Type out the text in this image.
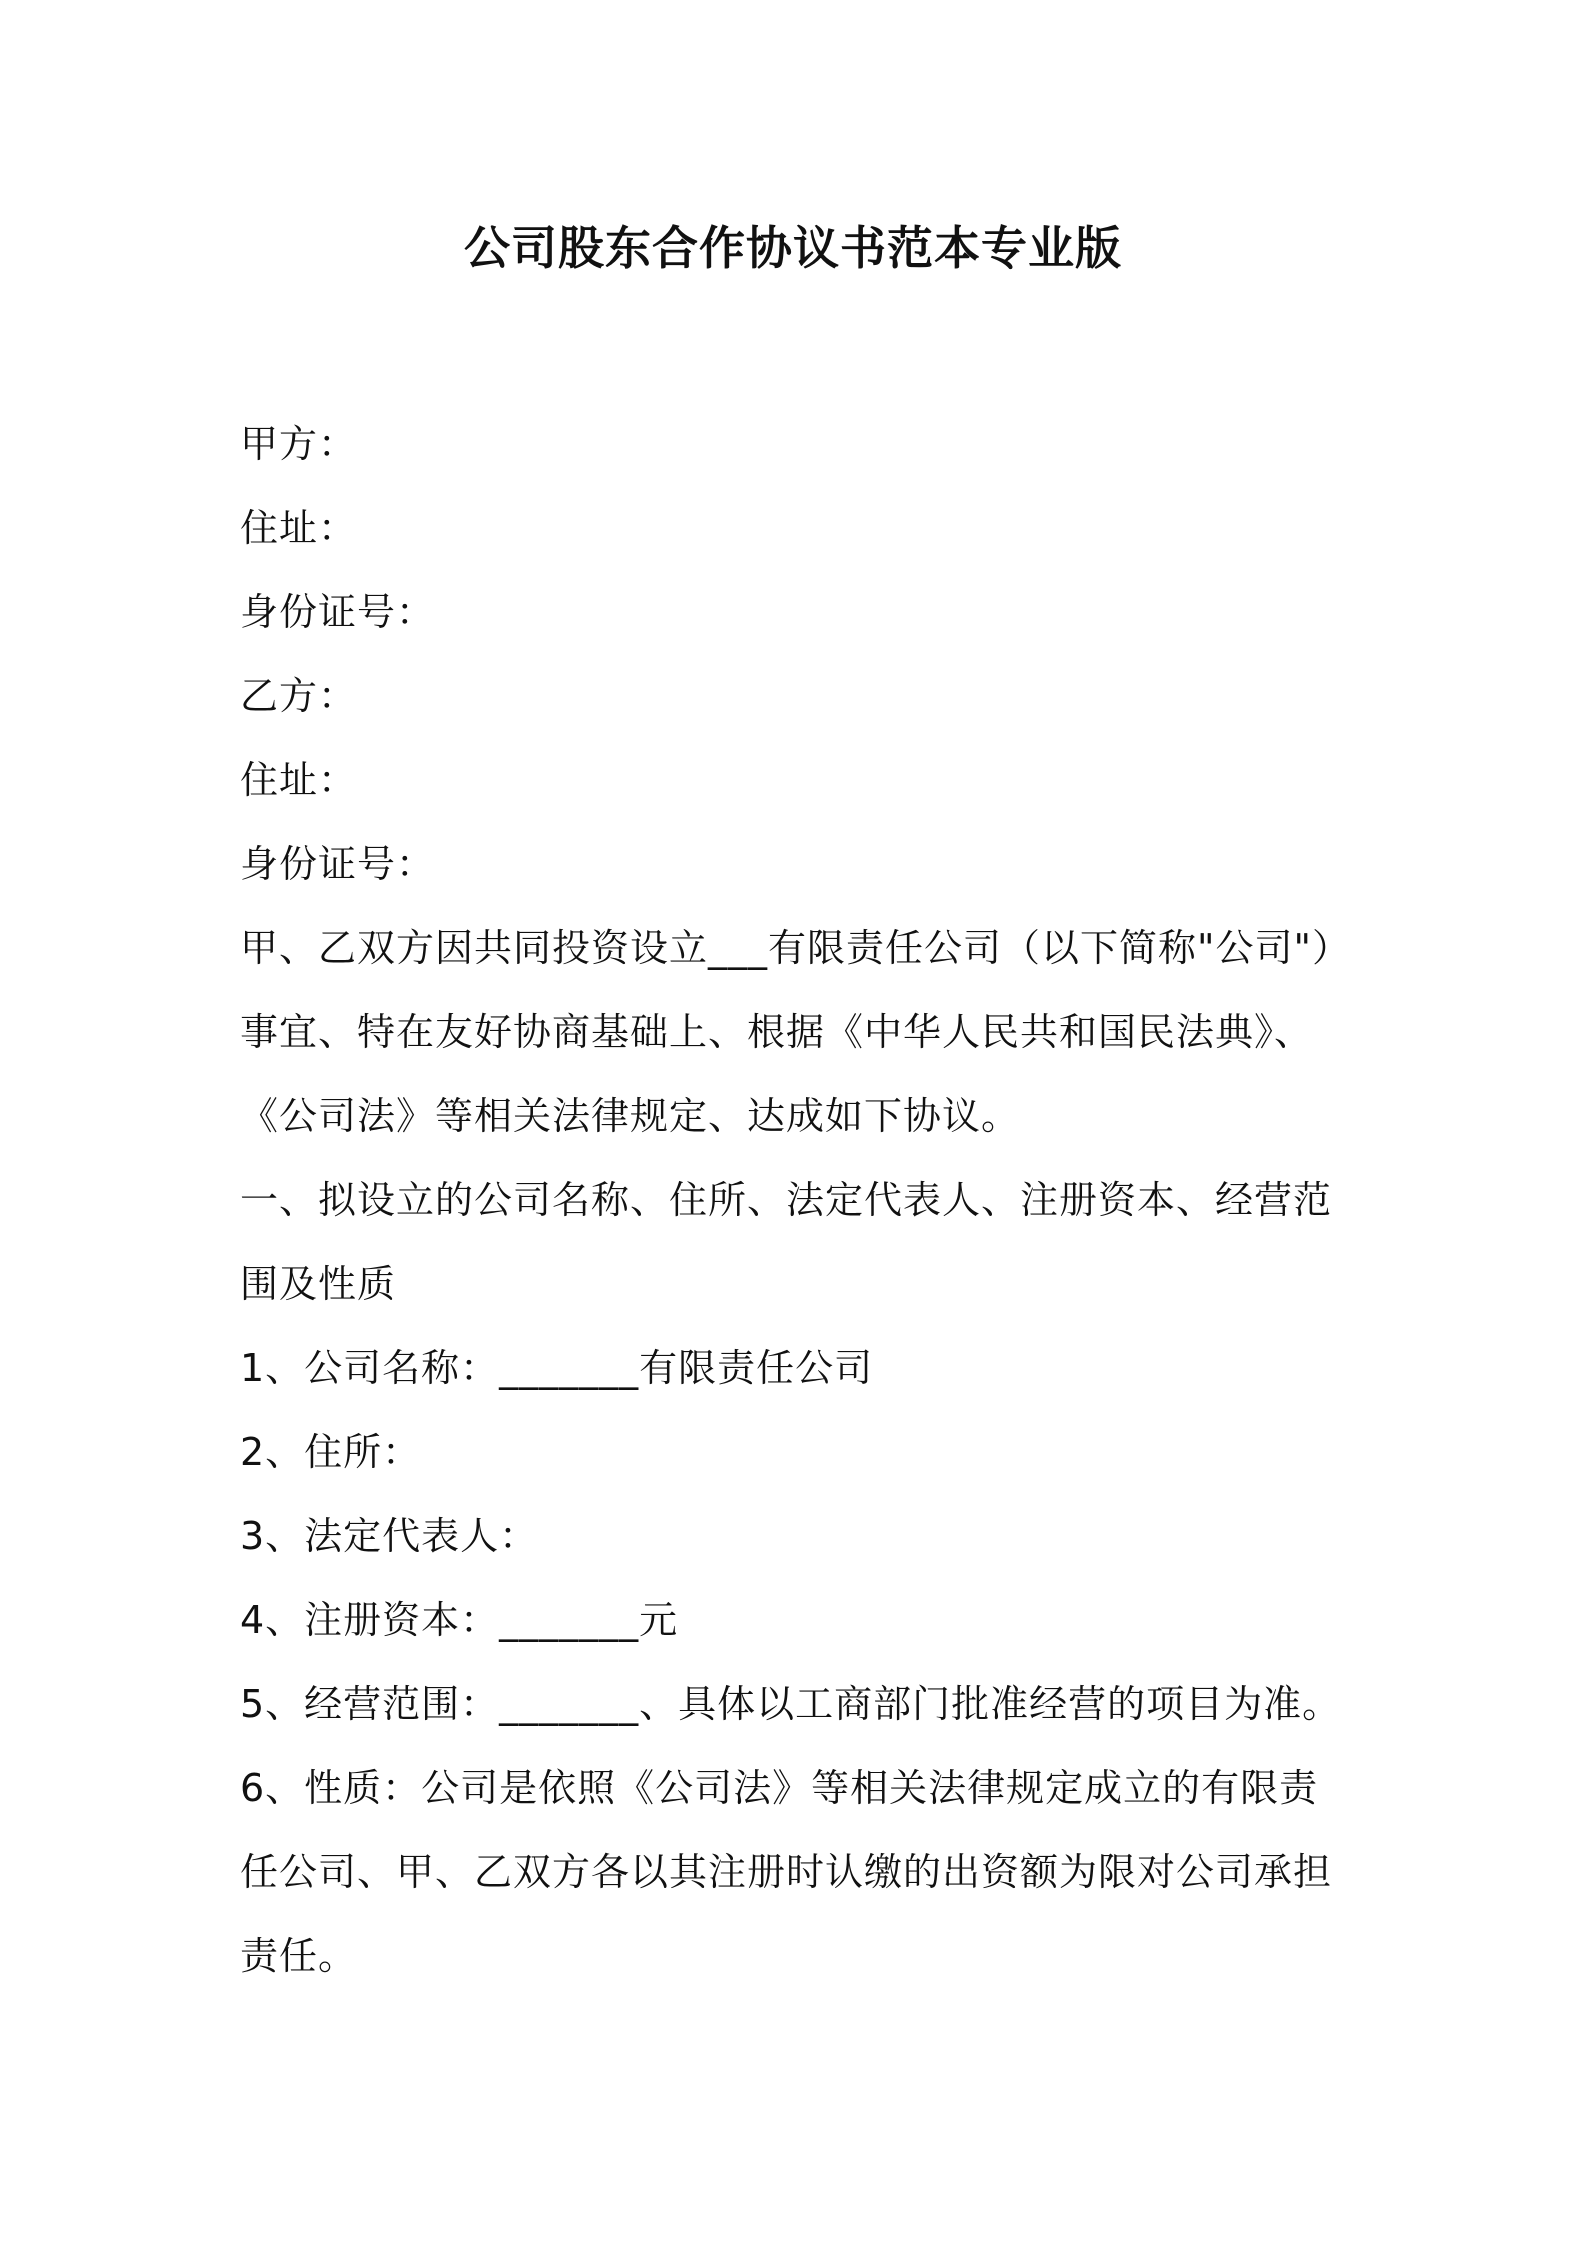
公司股东合作协议书范本专业版
甲方：
住址：
身份证号：
乙方：
住址：
身份证号：
甲、乙双方因共同投资设立___有限责任公司（以下简称"公司"）
事宜、特在友好协商基础上、根据《中华人民共和国民法典》、
《公司法》等相关法律规定、达成如下协议。
一、拟设立的公司名称、住所、法定代表人、注册资本、经营范
围及性质
1、公司名称：_______有限责任公司
2、住所：
3、法定代表人：
4、注册资本：_______元
5、经营范围：_______、具体以工商部门批准经营的项目为准。
6、性质：公司是依照《公司法》等相关法律规定成立的有限责
任公司、甲、乙双方各以其注册时认缴的出资额为限对公司承担
责任。
